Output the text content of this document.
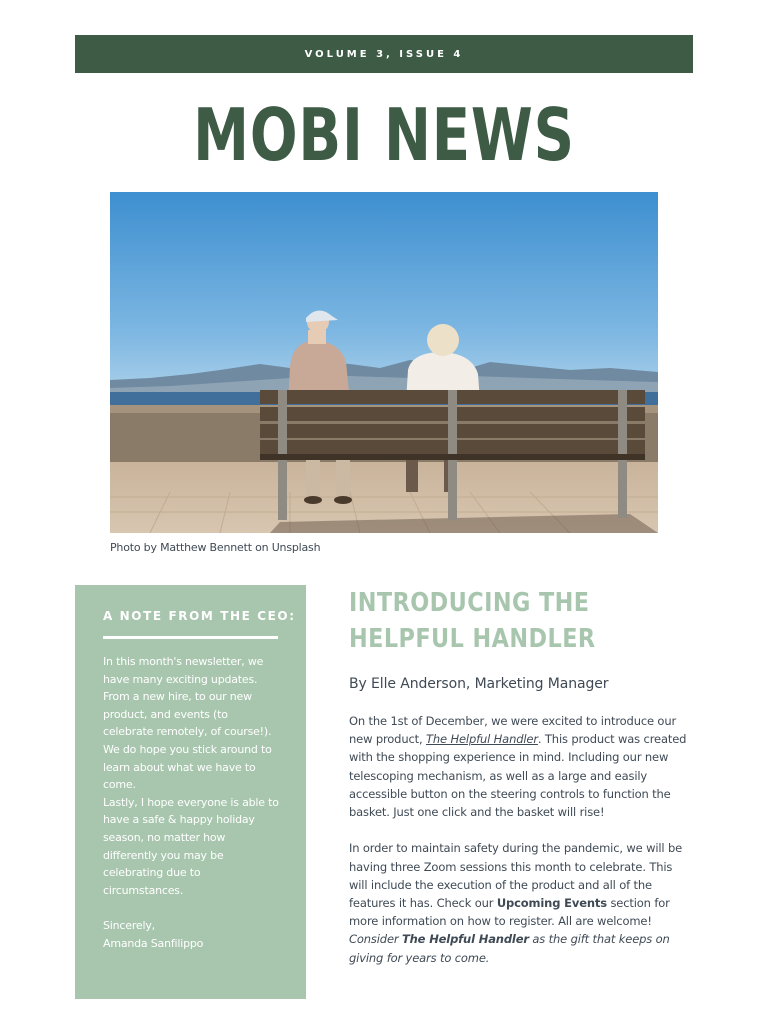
VOLUME 3, ISSUE 4
MOBI NEWS
Photo by Matthew Bennett on Unsplash
A NOTE FROM THE CEO:

In this month's newsletter, we have many exciting updates. From a new hire, to our new product, and events (to celebrate remotely, of course!). We do hope you stick around to learn about what we have to come.

Lastly, I hope everyone is able to have a safe & happy holiday season, no matter how differently you may be celebrating due to circumstances.

Sincerely,

Amanda Sanfilippo

INTRODUCING THE HELPFUL HANDLER
By Elle Anderson, Marketing Manager

On the 1st of December, we were excited to introduce our new product, The Helpful Handler. This product was created with the shopping experience in mind. Including our new telescoping mechanism, as well as a large and easily accessible button on the steering controls to function the basket. Just one click and the basket will rise!

In order to maintain safety during the pandemic, we will be having three Zoom sessions this month to celebrate. This will include the execution of the product and all of the features it has. Check our Upcoming Events section for more information on how to register. All are welcome!

Consider The Helpful Handler as the gift that keeps on giving for years to come.
